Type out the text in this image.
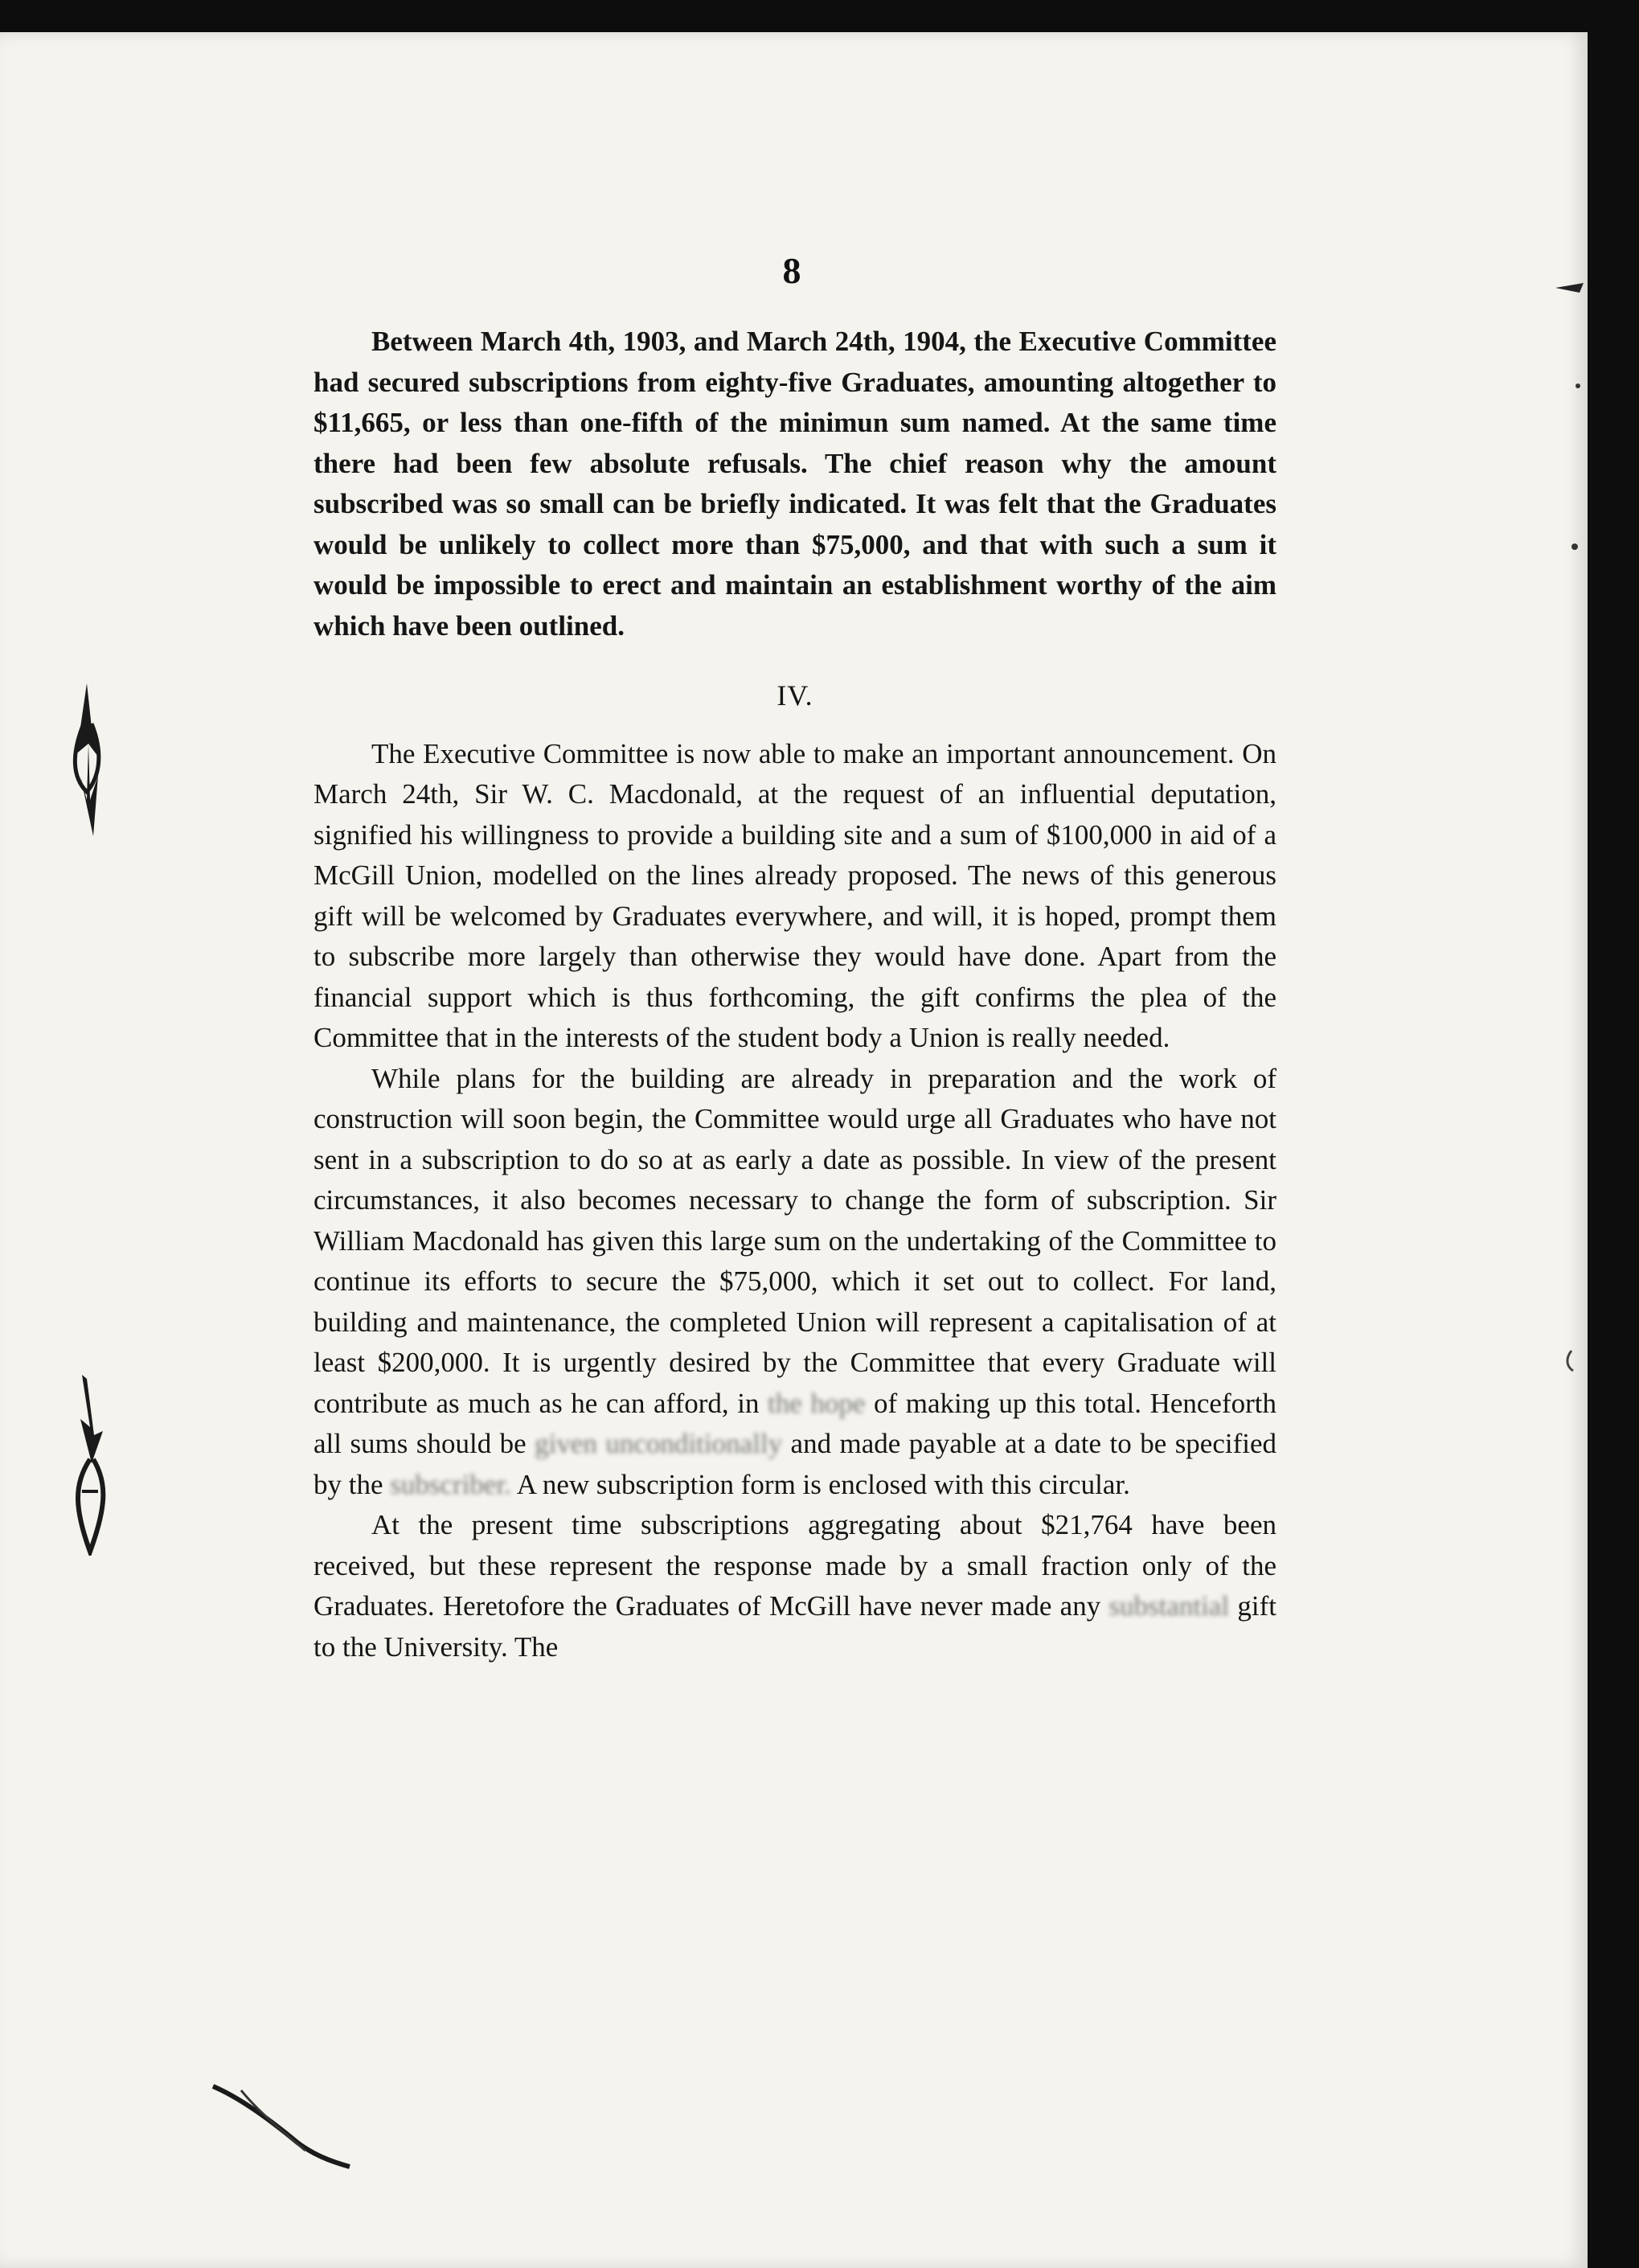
8

Between March 4th, 1903, and March 24th, 1904, the Executive Committee had secured subscriptions from eighty-five Graduates, amounting altogether to $11,665, or less than one-fifth of the minimun sum named. At the same time there had been few absolute refusals. The chief reason why the amount subscribed was so small can be briefly indicated. It was felt that the Graduates would be unlikely to collect more than $75,000, and that with such a sum it would be impossible to erect and maintain an establishment worthy of the aim which have been outlined.

IV.

The Executive Committee is now able to make an important announcement. On March 24th, Sir W. C. Macdonald, at the request of an influential deputation, signified his willingness to provide a building site and a sum of $100,000 in aid of a McGill Union, modelled on the lines already proposed. The news of this generous gift will be welcomed by Graduates everywhere, and will, it is hoped, prompt them to subscribe more largely than otherwise they would have done. Apart from the financial support which is thus forthcoming, the gift confirms the plea of the Committee that in the interests of the student body a Union is really needed.

While plans for the building are already in preparation and the work of construction will soon begin, the Committee would urge all Graduates who have not sent in a subscription to do so at as early a date as possible. In view of the present circumstances, it also becomes necessary to change the form of subscription. Sir William Macdonald has given this large sum on the undertaking of the Committee to continue its efforts to secure the $75,000, which it set out to collect. For land, building and maintenance, the completed Union will represent a capitalisation of at least $200,000. It is urgently desired by the Committee that every Graduate will contribute as much as he can afford, in the hope of making up this total. Henceforth all sums should be given unconditionally and made payable at a date to be specified by the subscriber. A new subscription form is enclosed with this circular.

At the present time subscriptions aggregating about $21,764 have been received, but these represent the response made by a small fraction only of the Graduates. Heretofore the Graduates of McGill have never made any substantial gift to the University. The
